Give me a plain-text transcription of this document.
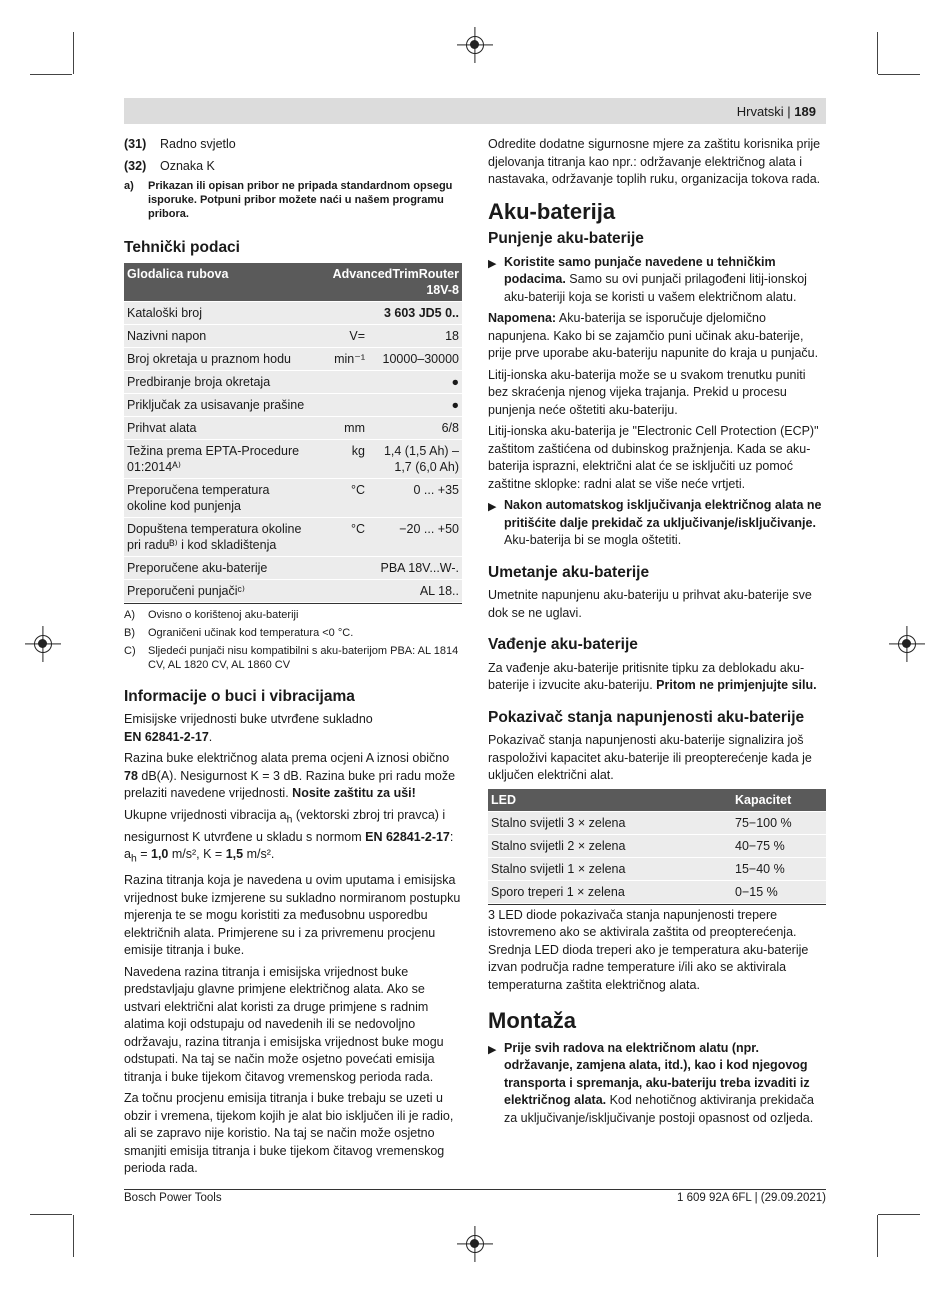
Hrvatski | 189
(31)	Radno svjetlo
(32)	Oznaka K
a)	Prikazan ili opisan pribor ne pripada standardnom opsegu isporuke. Potpuni pribor možete naći u našem programu pribora.
Tehnički podaci
Glodalica rubova	AdvancedTrimRouter 18V-8	
Kataloški broj		3 603 JD5 0..
Nazivni napon	V=	18
Broj okretaja u praznom hodu	min⁻¹	10000–30000
Predbiranje broja okretaja		●
Priključak za usisavanje prašine		●
Prihvat alata	mm	6/8
Težina prema EPTA-Procedure 01:2014ᴬ⁾	kg	1,4 (1,5 Ah) – 1,7 (6,0 Ah)
Preporučena temperatura okoline kod punjenja	°C	0 ... +35
Dopuštena temperatura okoline pri raduᴮ⁾ i kod skladištenja	°C	−20 ... +50
Preporučene aku-baterije		PBA 18V...W-.
Preporučeni punjačiᶜ⁾		AL 18..
A)	Ovisno o korištenoj aku-bateriji
B)	Ograničeni učinak kod temperatura <0 °C.
C)	Sljedeći punjači nisu kompatibilni s aku-baterijom PBA: AL 1814 CV, AL 1820 CV, AL 1860 CV
Informacije o buci i vibracijama

Emisijske vrijednosti buke utvrđene sukladno
EN 62841-2-17.

Razina buke električnog alata prema ocjeni A iznosi obično 78 dB(A). Nesigurnost K = 3 dB. Razina buke pri radu može prelaziti navedene vrijednosti. Nosite zaštitu za uši!

Ukupne vrijednosti vibracija $a_h$ (vektorski zbroj tri pravca) i nesigurnost K utvrđene u skladu s normom EN 62841-2-17:
$a_h = 1,0$ m/s², K = 1,5 m/s².

Razina titranja koja je navedena u ovim uputama i emisijska vrijednost buke izmjerene su sukladno normiranom postupku mjerenja te se mogu koristiti za međusobnu usporedbu električnih alata. Primjerene su i za privremenu procjenu emisije titranja i buke.

Navedena razina titranja i emisijska vrijednost buke predstavljaju glavne primjene električnog alata. Ako se ustvari električni alat koristi za druge primjene s radnim alatima koji odstupaju od navedenih ili se nedovoljno održavaju, razina titranja i emisijska vrijednost buke mogu odstupati. Na taj se način može osjetno povećati emisija titranja i buke tijekom čitavog vremenskog perioda rada.

Za točnu procjenu emisija titranja i buke trebaju se uzeti u obzir i vremena, tijekom kojih je alat bio isključen ili je radio, ali se zapravo nije koristio. Na taj se način može osjetno smanjiti emisija titranja i buke tijekom čitavog vremenskog perioda rada.

Odredite dodatne sigurnosne mjere za zaštitu korisnika prije djelovanja titranja kao npr.: održavanje električnog alata i nastavaka, održavanje toplih ruku, organizacija tokova rada.

Aku-baterija
Punjenje aku-baterije
▶ Koristite samo punjače navedene u tehničkim podacima. Samo su ovi punjači prilagođeni litij-ionskoj aku-bateriji koja se koristi u vašem električnom alatu.

Napomena: Aku-baterija se isporučuje djelomično napunjena. Kako bi se zajamčio puni učinak aku-baterije, prije prve uporabe aku-bateriju napunite do kraja u punjaču.

Litij-ionska aku-baterija može se u svakom trenutku puniti bez skraćenja njenog vijeka trajanja. Prekid u procesu punjenja neće oštetiti aku-bateriju.

Litij-ionska aku-baterija je "Electronic Cell Protection (ECP)" zaštitom zaštićena od dubinskog pražnjenja. Kada se aku-baterija isprazni, električni alat će se isključiti uz pomoć zaštitne sklopke: radni alat se više neće vrtjeti.

▶ Nakon automatskog isključivanja električnog alata ne pritišćite dalje prekidač za uključivanje/isključivanje. Aku-baterija bi se mogla oštetiti.
Umetanje aku-baterije

Umetnite napunjenu aku-bateriju u prihvat aku-baterije sve dok se ne uglavi.

Vađenje aku-baterije

Za vađenje aku-baterije pritisnite tipku za deblokadu aku-baterije i izvucite aku-bateriju. Pritom ne primjenjujte silu.

Pokazivač stanja napunjenosti aku-baterije

Pokazivač stanja napunjenosti aku-baterije signalizira još raspoloživi kapacitet aku-baterije ili preopterećenje kada je uključen električni alat.

LED	Kapacitet
Stalno svijetli 3 × zelena	75−100 %
Stalno svijetli 2 × zelena	40−75 %
Stalno svijetli 1 × zelena	15−40 %
Sporo treperi 1 × zelena	0−15 %

3 LED diode pokazivača stanja napunjenosti trepere istovremeno ako se aktivirala zaštita od preopterećenja. Srednja LED dioda treperi ako je temperatura aku-baterije izvan područja radne temperature i/ili ako se aktivirala temperaturna zaštita električnog alata.

Montaža
▶ Prije svih radova na električnom alatu (npr. održavanje, zamjena alata, itd.), kao i kod njegovog transporta i spremanja, aku-bateriju treba izvaditi iz električnog alata. Kod nehotičnog aktiviranja prekidača za uključivanje/isključivanje postoji opasnost od ozljeda.
Bosch Power Tools	1 609 92A 6FL | (29.09.2021)
